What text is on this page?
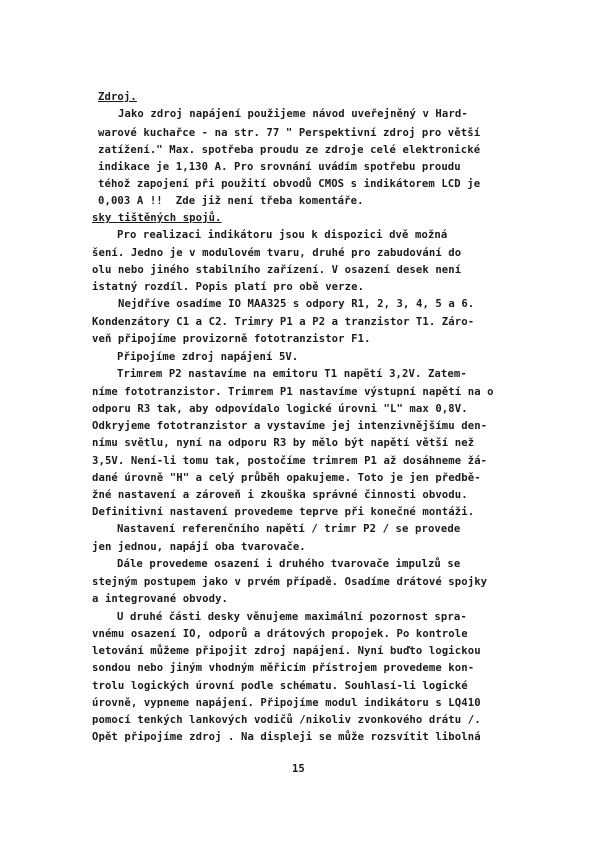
Zdroj.
Jako zdroj napájení použijeme návod uveřejněný v Hard-
warové kuchařce - na str. 77 " Perspektivní zdroj pro větší
zatížení." Max. spotřeba proudu ze zdroje celé elektronické
indikace je 1,130 A. Pro srovnání uvádím spotřebu proudu
téhož zapojení při použití obvodů CMOS s indikátorem LCD je
0,003 A !!  Zde již není třeba komentáře.
sky tištěných spojů.
Pro realizaci indikátoru jsou k dispozici dvě možná
šení. Jedno je v modulovém tvaru, druhé pro zabudování do
olu nebo jiného stabilního zařízení. V osazení desek není
istatný rozdíl. Popis platí pro obě verze.
Nejdříve osadíme IO MAA325 s odpory R1, 2, 3, 4, 5 a 6.
Kondenzátory C1 a C2. Trimry P1 a P2 a tranzistor T1. Záro-
veň připojíme provizorně fototranzistor F1.
Připojíme zdroj napájení 5V.
Trimrem P2 nastavíme na emitoru T1 napětí 3,2V. Zatem-
níme fototranzistor. Trimrem P1 nastavíme výstupní napětí na o
odporu R3 tak, aby odpovídalo logické úrovni "L" max 0,8V.
Odkryjeme fototranzistor a vystavíme jej intenzivnějšímu den-
nímu světlu, nyní na odporu R3 by mělo být napětí větší než
3,5V. Není-li tomu tak, postočíme trimrem P1 až dosáhneme žá-
dané úrovně "H" a celý průběh opakujeme. Toto je jen předbě-
žné nastavení a zároveň i zkouška správné činnosti obvodu.
Definitivní nastavení provedeme teprve při konečné montáži.
Nastavení referenčního napětí / trimr P2 / se provede
jen jednou, napájí oba tvarovače.
Dále provedeme osazení i druhého tvarovače impulzů se
stejným postupem jako v prvém případě. Osadíme drátové spojky
a integrované obvody.
U druhé části desky věnujeme maximální pozornost spra-
vnému osazení IO, odporů a drátových propojek. Po kontrole
letování můžeme připojit zdroj napájení. Nyní buďto logickou
sondou nebo jiným vhodným měřicím přístrojem provedeme kon-
trolu logických úrovní podle schématu. Souhlasí-li logické
úrovně, vypneme napájení. Připojíme modul indikátoru s LQ410
pomocí tenkých lankových vodičů /nikoliv zvonkového drátu /.
Opět připojíme zdroj . Na displeji se může rozsvítit libolná
15
